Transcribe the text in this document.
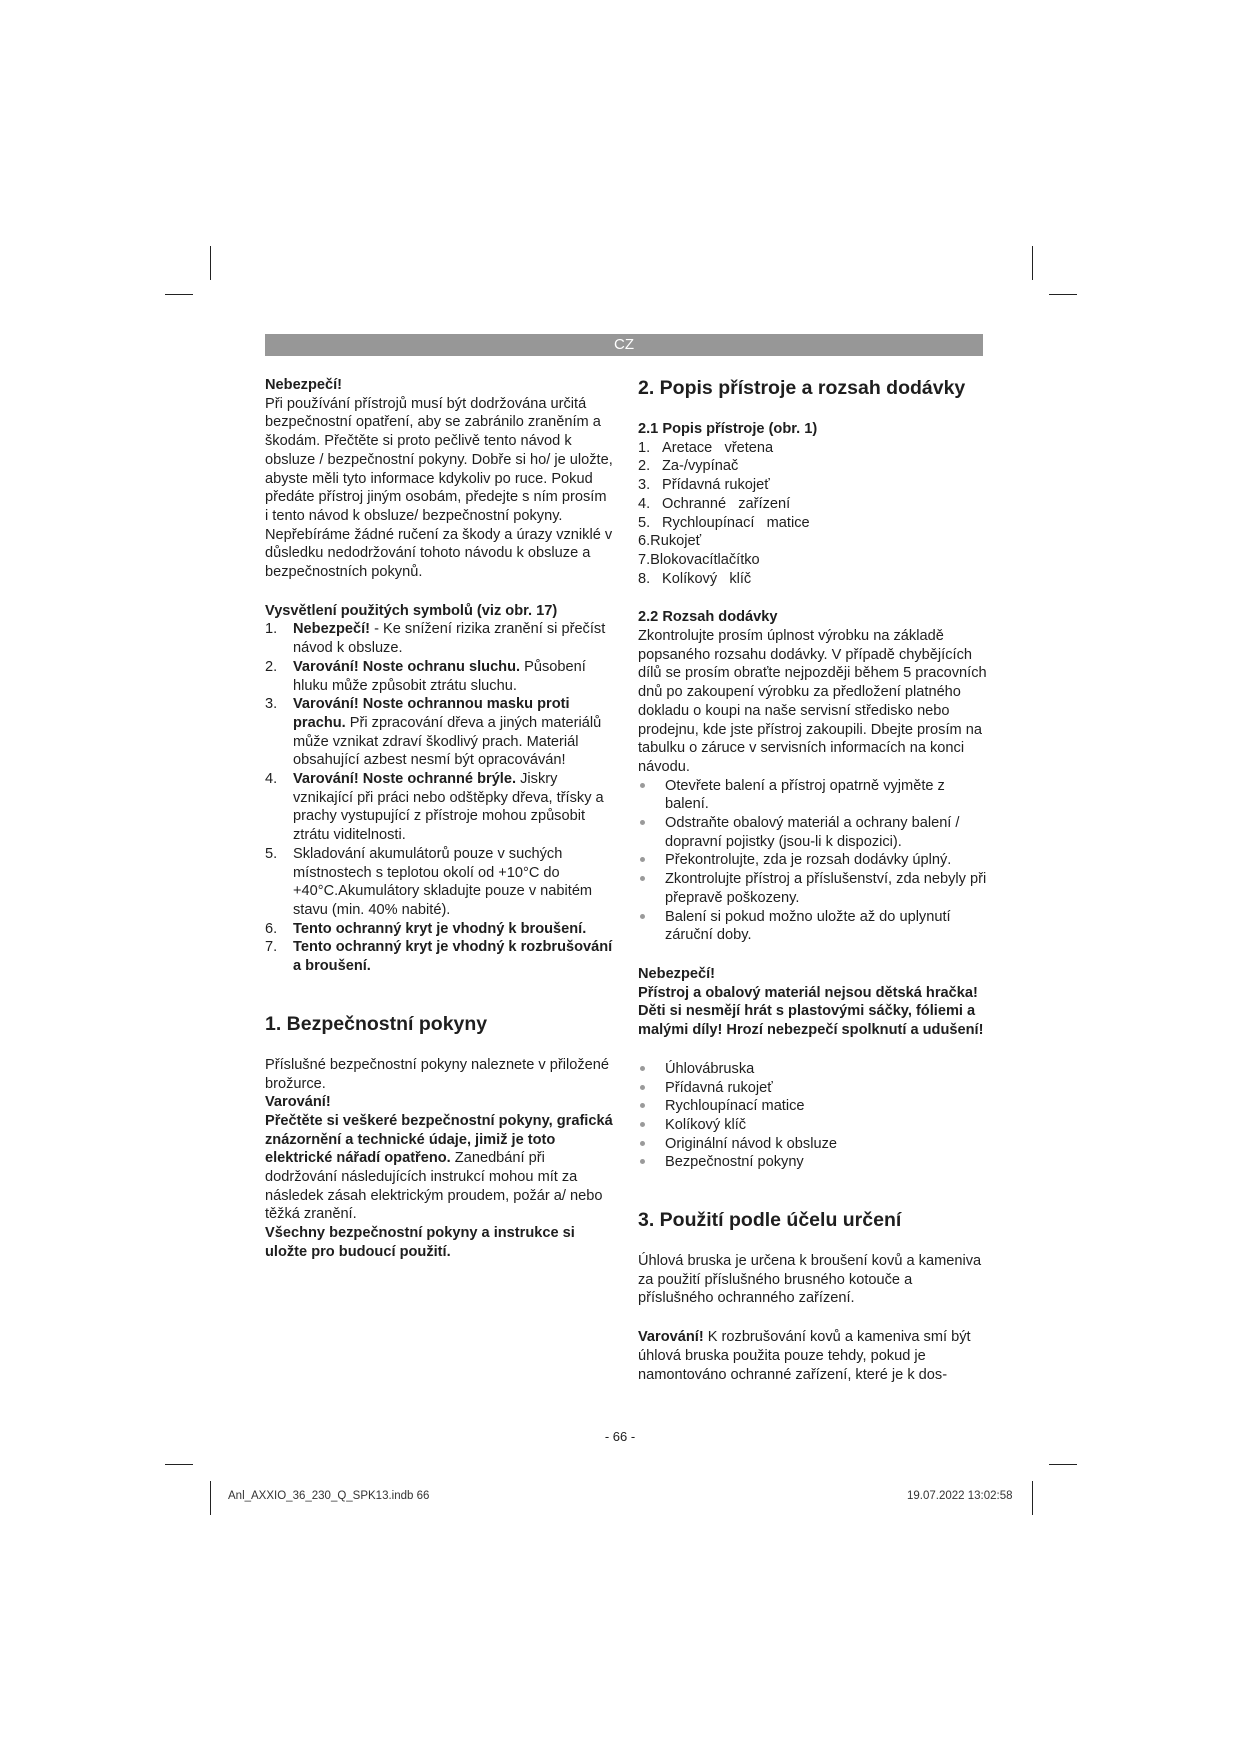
CZ

Nebezpečí!

Při používání přístrojů musí být dodržována určitá bezpečnostní opatření, aby se zabránilo zraněním a škodám. Přečtěte si proto pečlivě tento návod k obsluze / bezpečnostní pokyny. Dobře si ho/ je uložte, abyste měli tyto informace kdykoliv po ruce. Pokud předáte přístroj jiným osobám, předejte s ním prosím i tento návod k obsluze/ bezpečnostní pokyny. Nepřebíráme žádné ručení za škody a úrazy vzniklé v důsledku nedodržování tohoto návodu k obsluze a bezpečnostních pokynů.

Vysvětlení použitých symbolů (viz obr. 17)
1. Nebezpečí! - Ke snížení rizika zranění si přečíst návod k obsluze.
2. Varování! Noste ochranu sluchu. Působení hluku může způsobit ztrátu sluchu.
3. Varování! Noste ochrannou masku proti prachu. Při zpracování dřeva a jiných materiálů může vznikat zdraví škodlivý prach. Materiál obsahující azbest nesmí být opracováván!
4. Varování! Noste ochranné brýle. Jiskry vznikající při práci nebo odštěpky dřeva, třísky a prachy vystupující z přístroje mohou způsobit ztrátu viditelnosti.
5. Skladování akumulátorů pouze v suchých místnostech s teplotou okolí od +10°C do +40°C.Akumulátory skladujte pouze v nabitém stavu (min. 40% nabité).
6. Tento ochranný kryt je vhodný k broušení.
7. Tento ochranný kryt je vhodný k rozbrušování a broušení.
1. Bezpečnostní pokyny

Příslušné bezpečnostní pokyny naleznete v přiložené brožurce.

Varování!

Přečtěte si veškeré bezpečnostní pokyny, grafická znázornění a technické údaje, jimiž je toto elektrické nářadí opatřeno. Zanedbání při dodržování následujících instrukcí mohou mít za následek zásah elektrickým proudem, požár a/ nebo těžká zranění.

Všechny bezpečnostní pokyny a instrukce si uložte pro budoucí použití.

2. Popis přístroje a rozsah dodávky
2.1 Popis přístroje (obr. 1)
1. Aretace   vřetena
2. Za-/vypínač
3. Přídavná rukojeť
4. Ochranné   zařízení
5. Rychloupínací   matice
6.Rukojeť
7.Blokovacítlačítko
8. Kolíkový   klíč
2.2 Rozsah dodávky

Zkontrolujte prosím úplnost výrobku na základě popsaného rozsahu dodávky. V případě chybějících dílů se prosím obraťte nejpozději během 5 pracovních dnů po zakoupení výrobku za předložení platného dokladu o koupi na naše servisní středisko nebo prodejnu, kde jste přístroj zakoupili. Dbejte prosím na tabulku o záruce v servisních informacích na konci návodu.

Otevřete balení a přístroj opatrně vyjměte z balení.
Odstraňte obalový materiál a ochrany balení / dopravní pojistky (jsou-li k dispozici).
Překontrolujte, zda je rozsah dodávky úplný.
Zkontrolujte přístroj a příslušenství, zda nebyly při přepravě poškozeny.
Balení si pokud možno uložte až do uplynutí záruční doby.

Nebezpečí!

Přístroj a obalový materiál nejsou dětská hračka! Děti si nesmějí hrát s plastovými sáčky, fóliemi a malými díly! Hrozí nebezpečí spolknutí a udušení!

Úhlovábruska
Přídavná rukojeť
Rychloupínací matice
Kolíkový klíč
Originální návod k obsluze
Bezpečnostní pokyny
3. Použití podle účelu určení

Úhlová bruska je určena k broušení kovů a kameniva za použití příslušného brusného kotouče a příslušného ochranného zařízení.

Varování! K rozbrušování kovů a kameniva smí být úhlová bruska použita pouze tehdy, pokud je namontováno ochranné zařízení, které je k dos-

- 66 -
Anl_AXXIO_36_230_Q_SPK13.indb 66	19.07.2022 13:02:58
